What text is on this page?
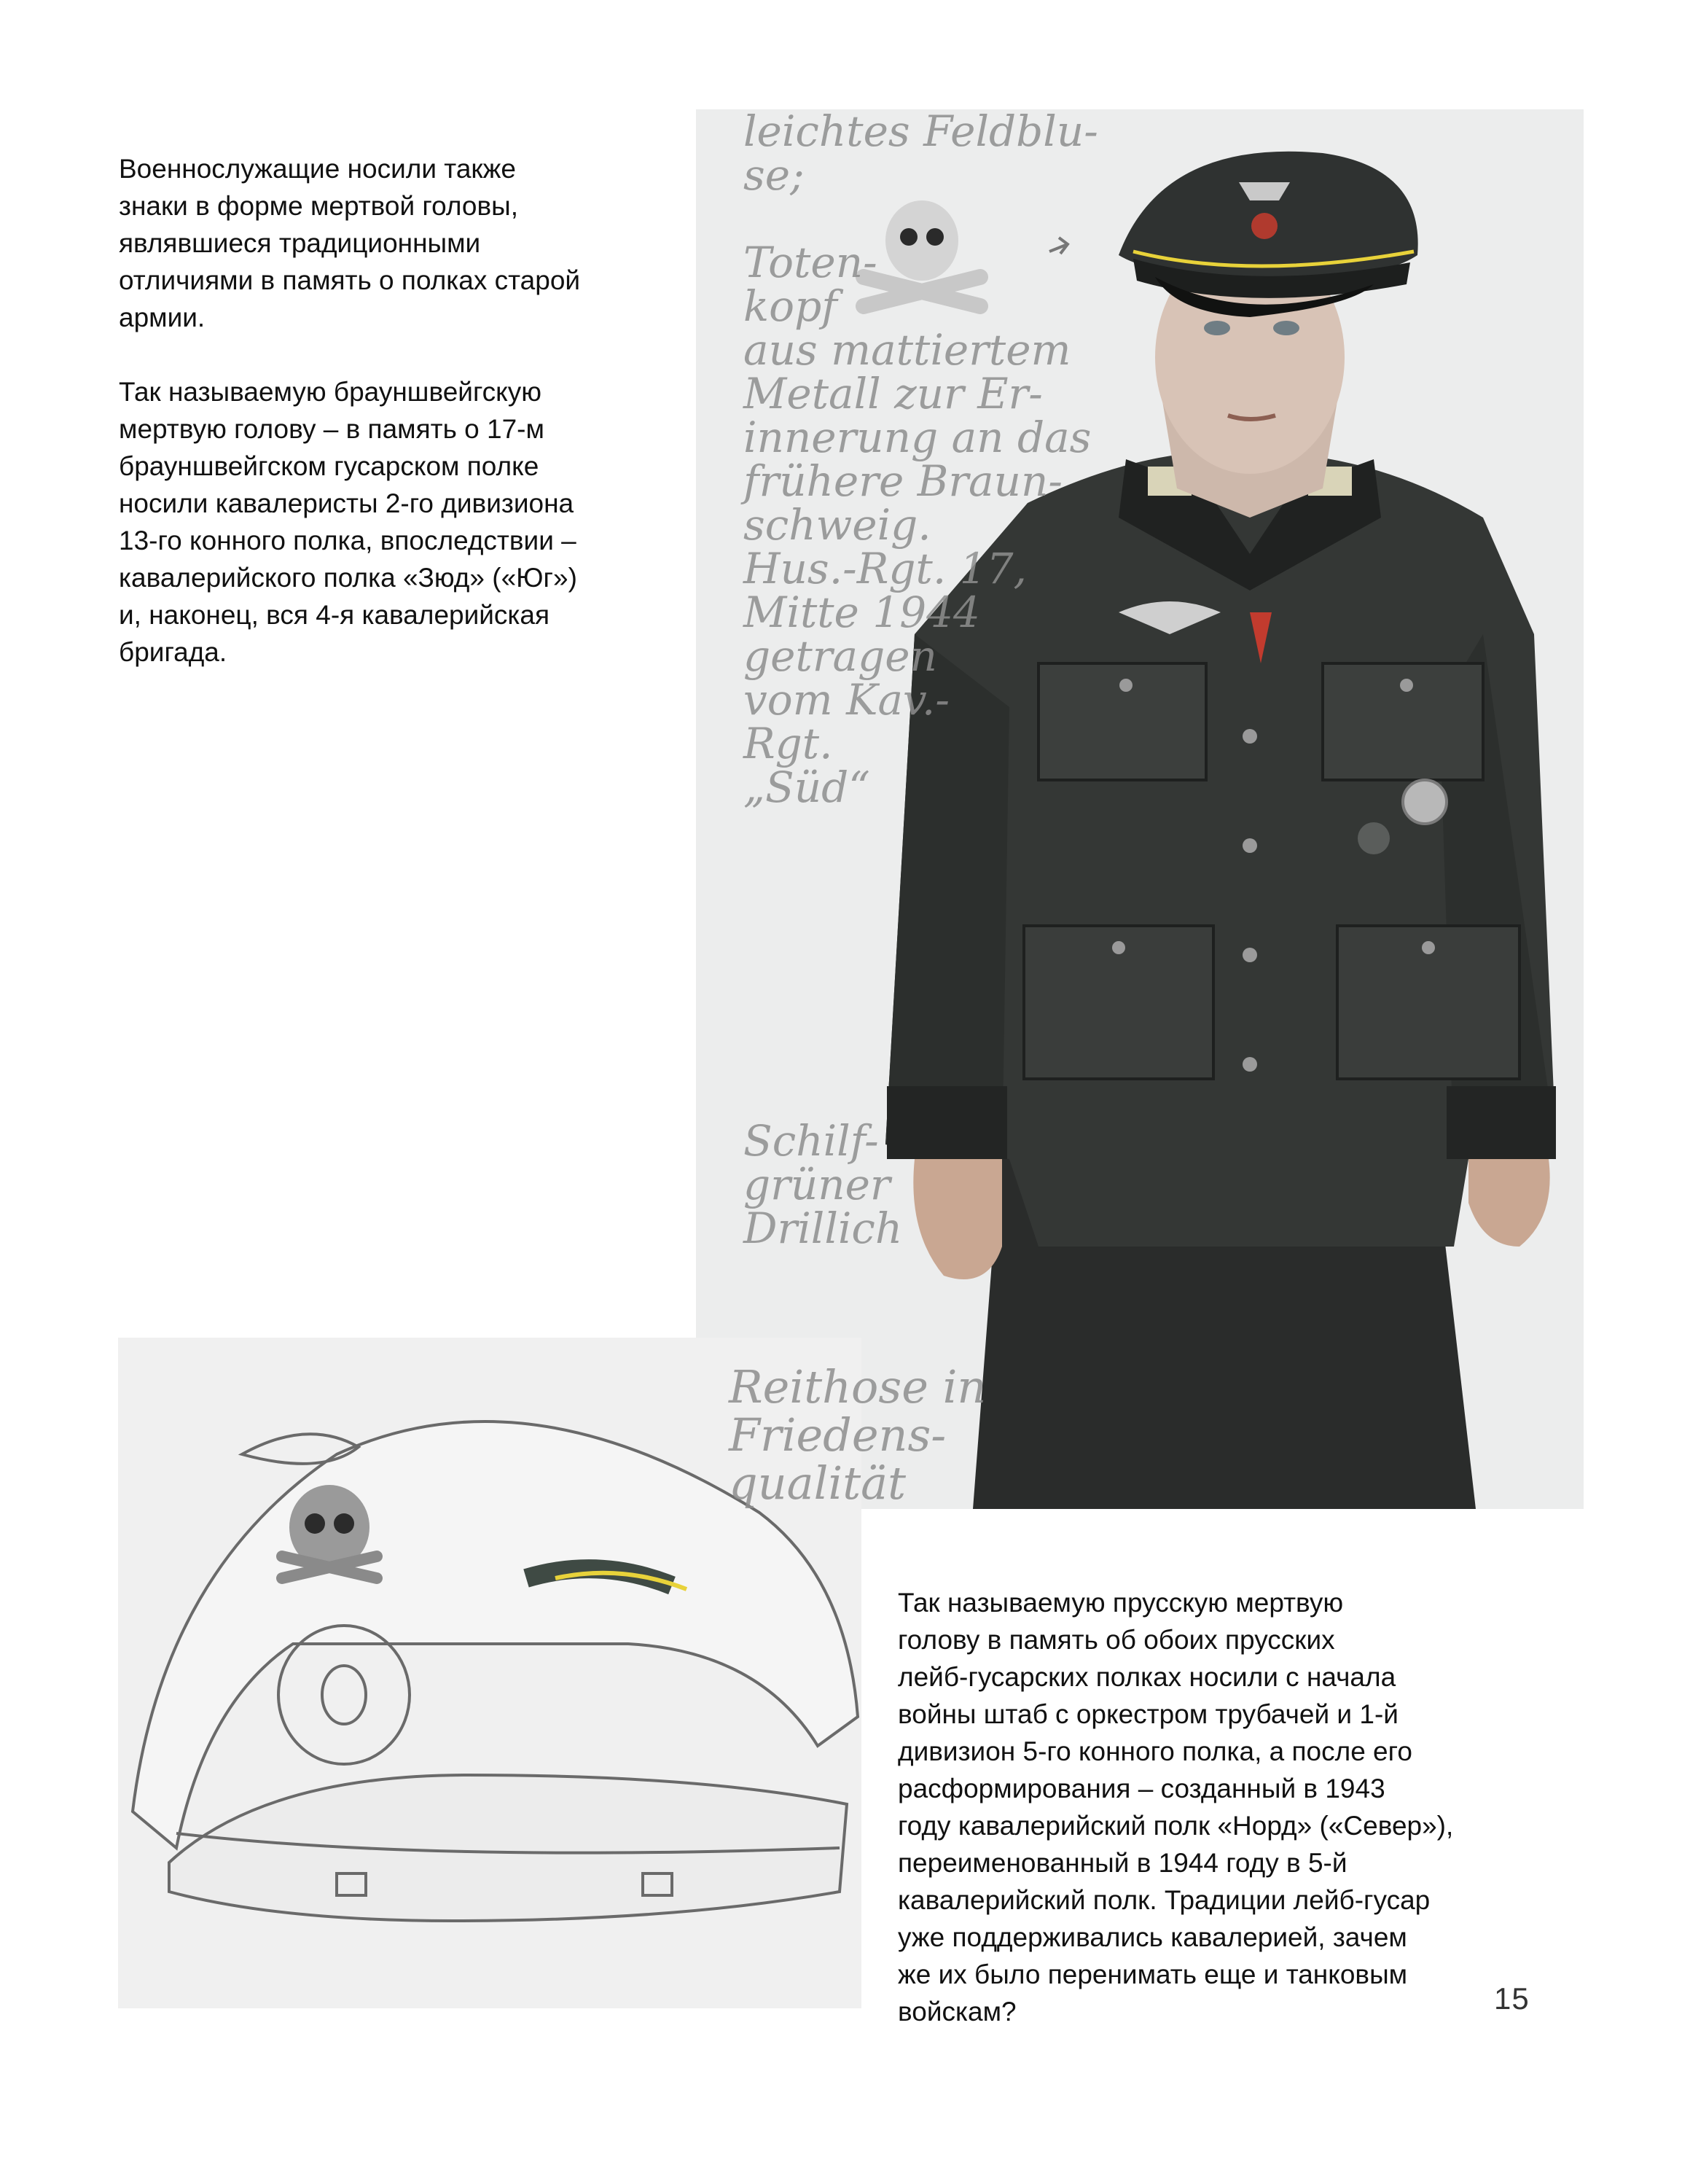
leichtes Feldblu-
se;

Toten-
kopf
aus mattiertem
Metall zur Er-
innerung an das
frühere Braun-
schweig.
Hus.-Rgt. 17,
Mitte 1944
getragen
vom Kav.-
Rgt.
„Süd“
Schilf-
grüner
Drillich
Reithose in
Friedens-
qualität

Военнослужащие носили также
знаки в форме мертвой головы,
являвшиеся традиционными
отличиями в память о полках старой
армии.

Так называемую брауншвейгскую
мертвую голову – в память о 17-м
брауншвейгском гусарском полке
носили кавалеристы 2-го дивизиона
13-го конного полка, впоследствии –
кавалерийского полка «Зюд» («Юг»)
и, наконец, вся 4-я кавалерийская
бригада.

Так называемую прусскую мертвую
голову в память об обоих прусских
лейб-гусарских полках носили с начала
войны штаб с оркестром трубачей и 1-й
дивизион 5-го конного полка, а после его
расформирования – созданный в 1943
году кавалерийский полк «Норд» («Север»),
переименованный в 1944 году в 5-й
кавалерийский полк. Традиции лейб-гусар
уже поддерживались кавалерией, зачем
же их было перенимать еще и танковым
войскам?	15
